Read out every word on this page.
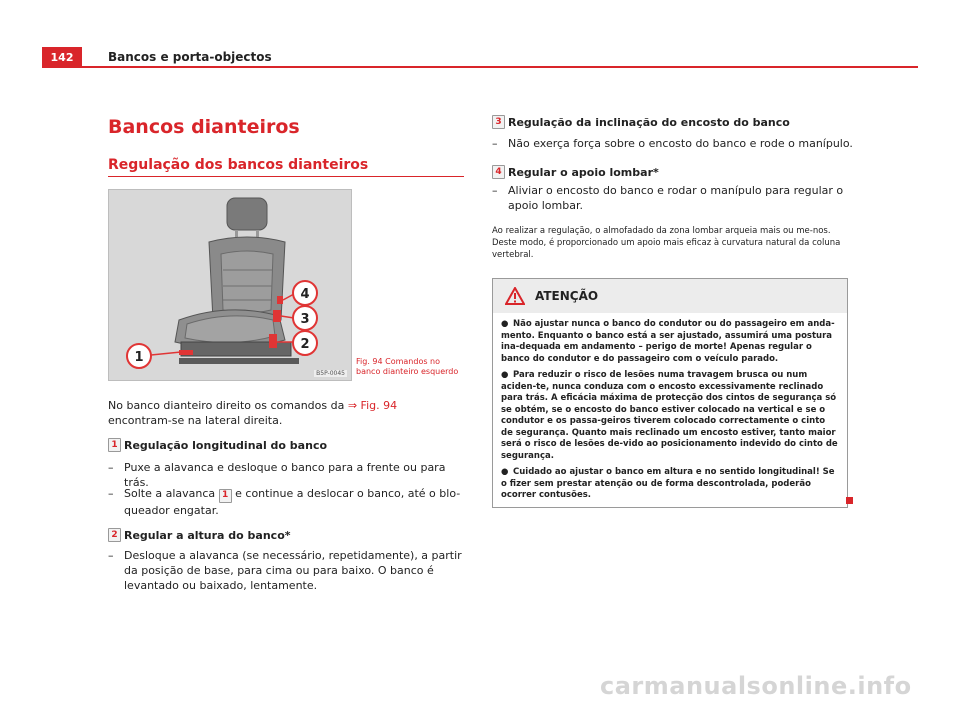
142	Bancos e porta-objectos
Bancos dianteiros
Regulação dos bancos dianteiros
1
2
3
4
B5P-0045
Fig. 94 Comandos no banco dianteiro esquerdo
No banco dianteiro direito os comandos da ⇒ Fig. 94 encontram-se na lateral direita.
1 Regulação longitudinal do banco
– Puxe a alavanca e desloque o banco para a frente ou para trás.
– Solte a alavanca 1 e continue a deslocar o banco, até o blo-queador engatar.
2 Regular a altura do banco*
– Desloque a alavanca (se necessário, repetidamente), a partir da posição de base, para cima ou para baixo. O banco é levantado ou baixado, lentamente.
3 Regulação da inclinação do encosto do banco
– Não exerça força sobre o encosto do banco e rode o manípulo.
4 Regular o apoio lombar*
– Aliviar o encosto do banco e rodar o manípulo para regular o apoio lombar.
Ao realizar a regulação, o almofadado da zona lombar arqueia mais ou me-nos. Deste modo, é proporcionado um apoio mais eficaz à curvatura natural da coluna vertebral.
ATENÇÃO

● Não ajustar nunca o banco do condutor ou do passageiro em anda-mento. Enquanto o banco está a ser ajustado, assumirá uma postura ina-dequada em andamento – perigo de morte! Apenas regular o banco do condutor e do passageiro com o veículo parado.

● Para reduzir o risco de lesões numa travagem brusca ou num aciden-te, nunca conduza com o encosto excessivamente reclinado para trás. A eficácia máxima de protecção dos cintos de segurança só se obtém, se o encosto do banco estiver colocado na vertical e se o condutor e os passa-geiros tiverem colocado correctamente o cinto de segurança. Quanto mais reclinado um encosto estiver, tanto maior será o risco de lesões de-vido ao posicionamento indevido do cinto de segurança.

● Cuidado ao ajustar o banco em altura e no sentido longitudinal! Se o fizer sem prestar atenção ou de forma descontrolada, poderão ocorrer contusões.

carmanualsonline.info
